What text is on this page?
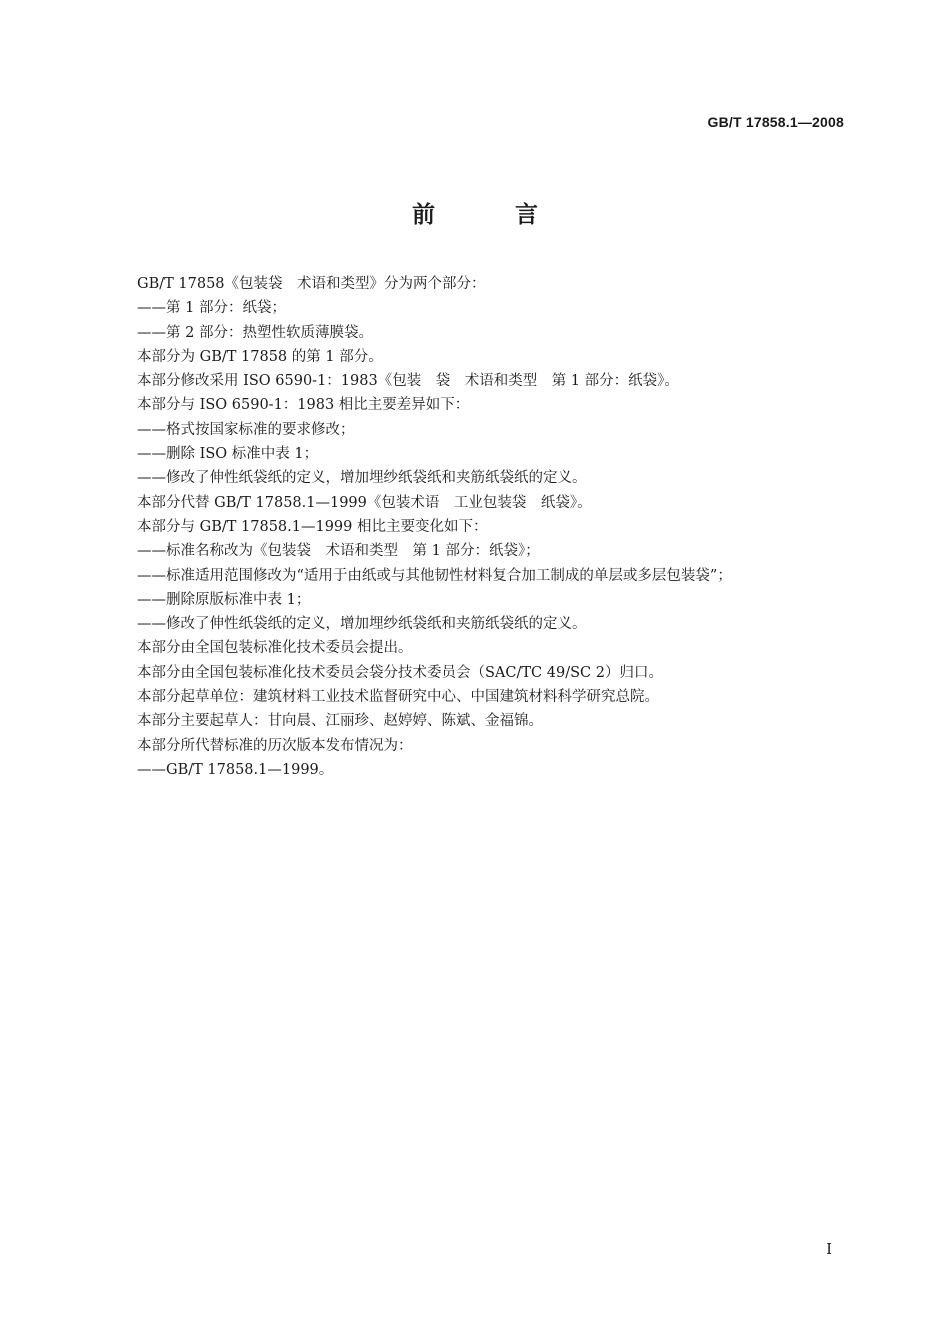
GB/T 17858.1—2008
前 言
GB/T 17858《包装袋　术语和类型》分为两个部分：
——第 1 部分：纸袋；
——第 2 部分：热塑性软质薄膜袋。
本部分为 GB/T 17858 的第 1 部分。
本部分修改采用 ISO 6590-1：1983《包装　袋　术语和类型　第 1 部分：纸袋》。
本部分与 ISO 6590-1：1983 相比主要差异如下：
——格式按国家标准的要求修改；
——删除 ISO 标准中表 1；
——修改了伸性纸袋纸的定义，增加埋纱纸袋纸和夹筋纸袋纸的定义。
本部分代替 GB/T 17858.1—1999《包装术语　工业包装袋　纸袋》。
本部分与 GB/T 17858.1—1999 相比主要变化如下：
——标准名称改为《包装袋　术语和类型　第 1 部分：纸袋》；
——标准适用范围修改为“适用于由纸或与其他韧性材料复合加工制成的单层或多层包装袋”；
——删除原版标准中表 1；
——修改了伸性纸袋纸的定义，增加埋纱纸袋纸和夹筋纸袋纸的定义。
本部分由全国包装标准化技术委员会提出。
本部分由全国包装标准化技术委员会袋分技术委员会（SAC/TC 49/SC 2）归口。
本部分起草单位：建筑材料工业技术监督研究中心、中国建筑材料科学研究总院。
本部分主要起草人：甘向晨、江丽珍、赵婷婷、陈斌、金福锦。
本部分所代替标准的历次版本发布情况为：
——GB/T 17858.1—1999。
I
